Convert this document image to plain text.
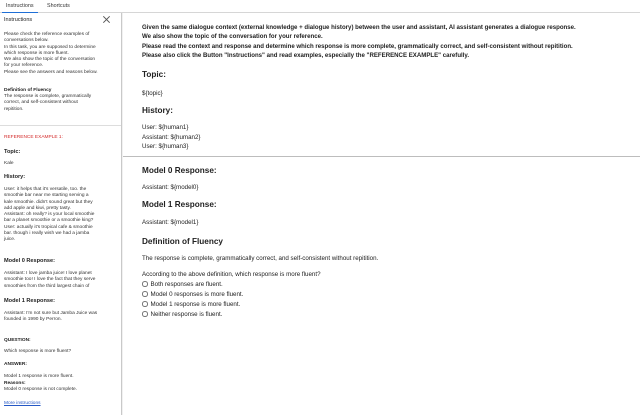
Instructions	Shortcuts
Instructions
Please check the reference examples of
conversations below.
In this task, you are supposed to determine
which response is more fluent.
We also show the topic of the conversation
for your reference.
Please see the answers and reasons below.
Definition of Fluency
The response is complete, grammatically
correct, and self-consistent without
repitition.
REFERENCE EXAMPLE 1:
Topic:
Kale
History:
User: it helps that it's versatile, too. the
smoothie bar near me starting serving a
kale smoothie. didn't sound great but they
add apple and kiwi, pretty tasty.
Assistant: oh really? is your local smoothie
bar a planet smoothie or a smoothie king?
User: actually it's tropical cafe & smoothie
bar. though i really wish we had a jamba
juice.
Model 0 Response:
Assistant: I love jamba juice! I love planet
smoothie too! I love the fact that they serve
smoothies from the third largest chain of
Model 1 Response:
Assistant: I'm not sure but Jamba Juice was
founded in 1990 by Perron.
QUESTION:
Which response is more fluent?
ANSWER:
Model 1 response is more fluent.
Reasons:
Model 0 response is not complete.
More instructions
Given the same dialogue context (external knowledge + dialogue history) between the user and assistant, AI assistant generates a dialogue response.
We also show the topic of the conversation for your reference.
Please read the context and response and determine which response is more complete, grammatically correct, and self-consistent without repitition.
Please also click the Button "Instructions" and read examples, especially the "REFERENCE EXAMPLE" carefully.
Topic:
${topic}
History:
User: ${human1}
Assistant: ${human2}
User: ${human3}
Model 0 Response:
Assistant: ${model0}
Model 1 Response:
Assistant: ${model1}
Definition of Fluency
The response is complete, grammatically correct, and self-consistent without repitition.
According to the above definition, which response is more fluent?
Both responses are fluent.
Model 0 responses is more fluent.
Model 1 response is more fluent.
Neither response is fluent.
